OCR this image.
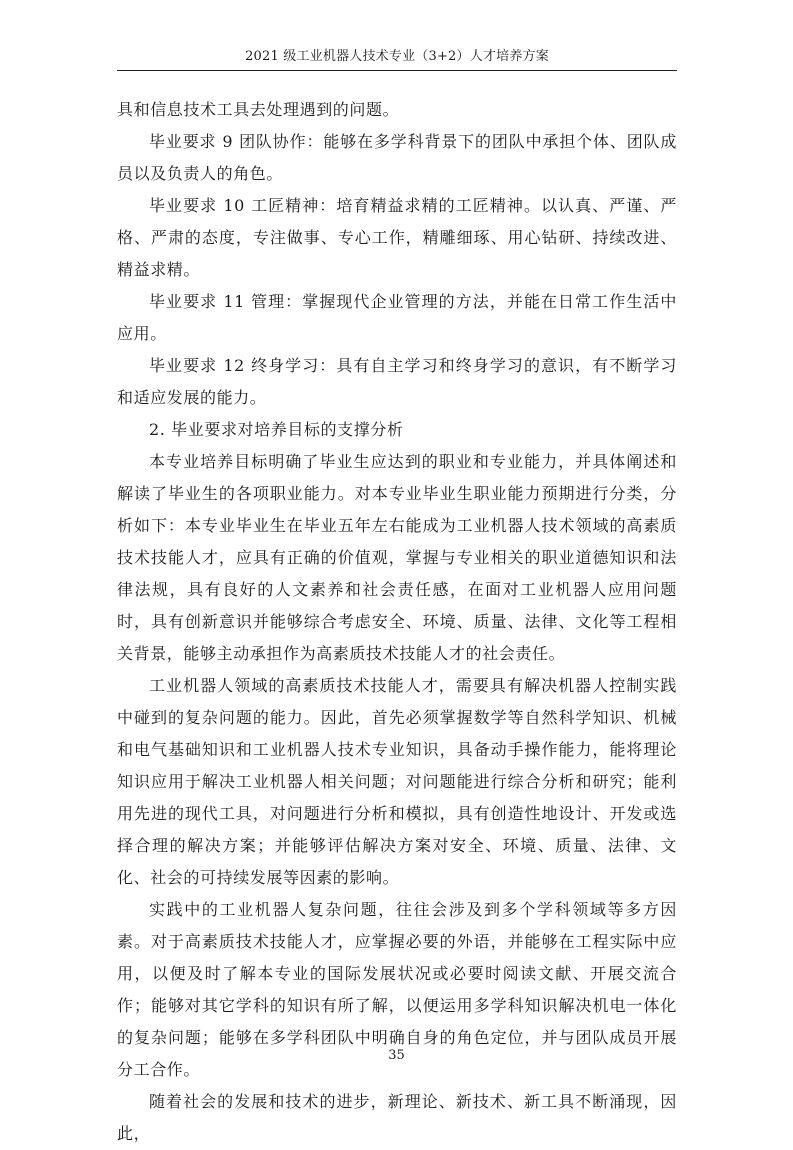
2021 级工业机器人技术专业（3+2）人才培养方案

具和信息技术工具去处理遇到的问题。

毕业要求 9 团队协作：能够在多学科背景下的团队中承担个体、团队成员以及负责人的角色。

毕业要求 10 工匠精神：培育精益求精的工匠精神。以认真、严谨、严格、严肃的态度，专注做事、专心工作，精雕细琢、用心钻研、持续改进、精益求精。

毕业要求 11 管理：掌握现代企业管理的方法，并能在日常工作生活中应用。

毕业要求 12 终身学习：具有自主学习和终身学习的意识，有不断学习和适应发展的能力。

2. 毕业要求对培养目标的支撑分析

本专业培养目标明确了毕业生应达到的职业和专业能力，并具体阐述和解读了毕业生的各项职业能力。对本专业毕业生职业能力预期进行分类，分析如下：本专业毕业生在毕业五年左右能成为工业机器人技术领域的高素质技术技能人才，应具有正确的价值观，掌握与专业相关的职业道德知识和法律法规，具有良好的人文素养和社会责任感，在面对工业机器人应用问题时，具有创新意识并能够综合考虑安全、环境、质量、法律、文化等工程相关背景，能够主动承担作为高素质技术技能人才的社会责任。

工业机器人领域的高素质技术技能人才，需要具有解决机器人控制实践中碰到的复杂问题的能力。因此，首先必须掌握数学等自然科学知识、机械和电气基础知识和工业机器人技术专业知识，具备动手操作能力，能将理论知识应用于解决工业机器人相关问题；对问题能进行综合分析和研究；能利用先进的现代工具，对问题进行分析和模拟，具有创造性地设计、开发或选择合理的解决方案；并能够评估解决方案对安全、环境、质量、法律、文化、社会的可持续发展等因素的影响。

实践中的工业机器人复杂问题，往往会涉及到多个学科领域等多方因素。对于高素质技术技能人才，应掌握必要的外语，并能够在工程实际中应用，以便及时了解本专业的国际发展状况或必要时阅读文献、开展交流合作；能够对其它学科的知识有所了解，以便运用多学科知识解决机电一体化的复杂问题；能够在多学科团队中明确自身的角色定位，并与团队成员开展分工合作。

随着社会的发展和技术的进步，新理论、新技术、新工具不断涌现，因此，

35
